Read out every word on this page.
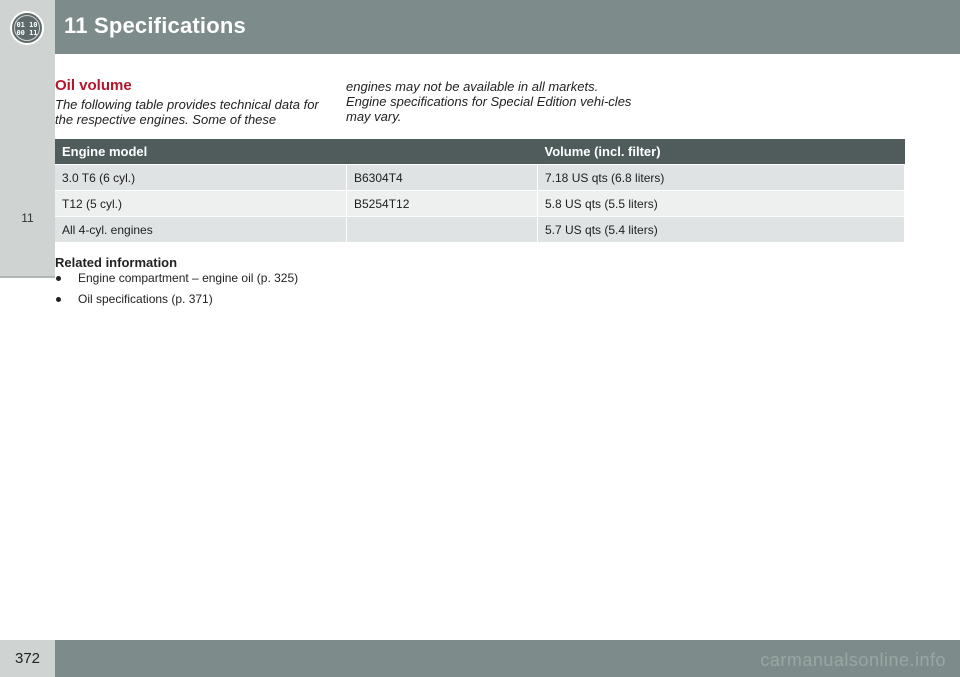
01 10
00 11 11 Specifications
11
Oil volume

The following table provides technical data for the respective engines. Some of these

engines may not be available in all markets. Engine specifications for Special Edition vehi-cles may vary.

Engine model		Volume (incl. filter)
3.0 T6 (6 cyl.)	B6304T4	7.18 US qts (6.8 liters)
T12 (5 cyl.)	B5254T12	5.8 US qts (5.5 liters)
All 4-cyl. engines		5.7 US qts (5.4 liters)
Related information
Engine compartment – engine oil (p. 325)
Oil specifications (p. 371)
372	carmanualsonline.info
